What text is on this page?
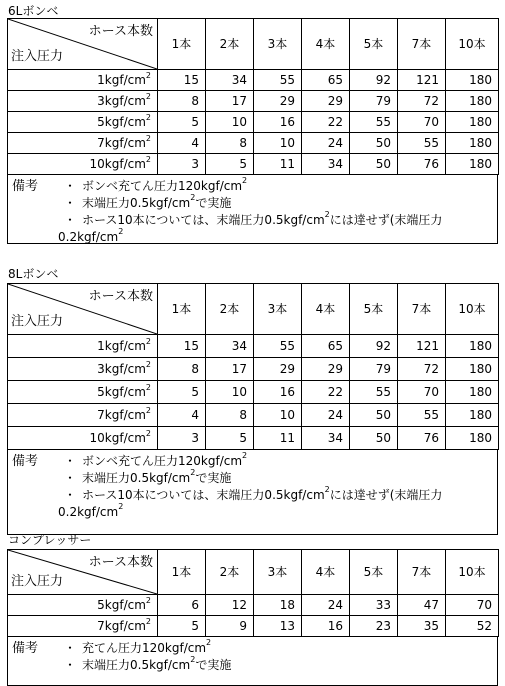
6Lボンベ
ホース本数
注入圧力	1本	2本	3本	4本	5本	7本	10本
$1kgf/cm^2$	15	34	55	65	92	121	180
$3kgf/cm^2$	8	17	29	29	79	72	180
$5kgf/cm^2$	5	10	16	22	55	70	180
$7kgf/cm^2$	4	8	10	24	50	55	180
$10kgf/cm^2$	3	5	11	34	50	76	180
備考 ・ ボンベ充てん圧力$120kgf/cm^2$
・ 末端圧力$0.5kgf/cm^2$で実施
・ ホース10本については、末端圧力$0.5kgf/cm^2$には達せず(末端圧力
$0.2kgf/cm^2$
8Lボンベ
ホース本数
注入圧力	1本	2本	3本	4本	5本	7本	10本
$1kgf/cm^2$	15	34	55	65	92	121	180
$3kgf/cm^2$	8	17	29	29	79	72	180
$5kgf/cm^2$	5	10	16	22	55	70	180
$7kgf/cm^2$	4	8	10	24	50	55	180
$10kgf/cm^2$	3	5	11	34	50	76	180
備考 ・ ボンベ充てん圧力$120kgf/cm^2$
・ 末端圧力$0.5kgf/cm^2$で実施
・ ホース10本については、末端圧力$0.5kgf/cm^2$には達せず(末端圧力
$0.2kgf/cm^2$
コンプレッサー
ホース本数
注入圧力	1本	2本	3本	4本	5本	7本	10本
$5kgf/cm^2$	6	12	18	24	33	47	70
$7kgf/cm^2$	5	9	13	16	23	35	52
備考 ・ 充てん圧力$120kgf/cm^2$
・ 末端圧力$0.5kgf/cm^2$で実施
